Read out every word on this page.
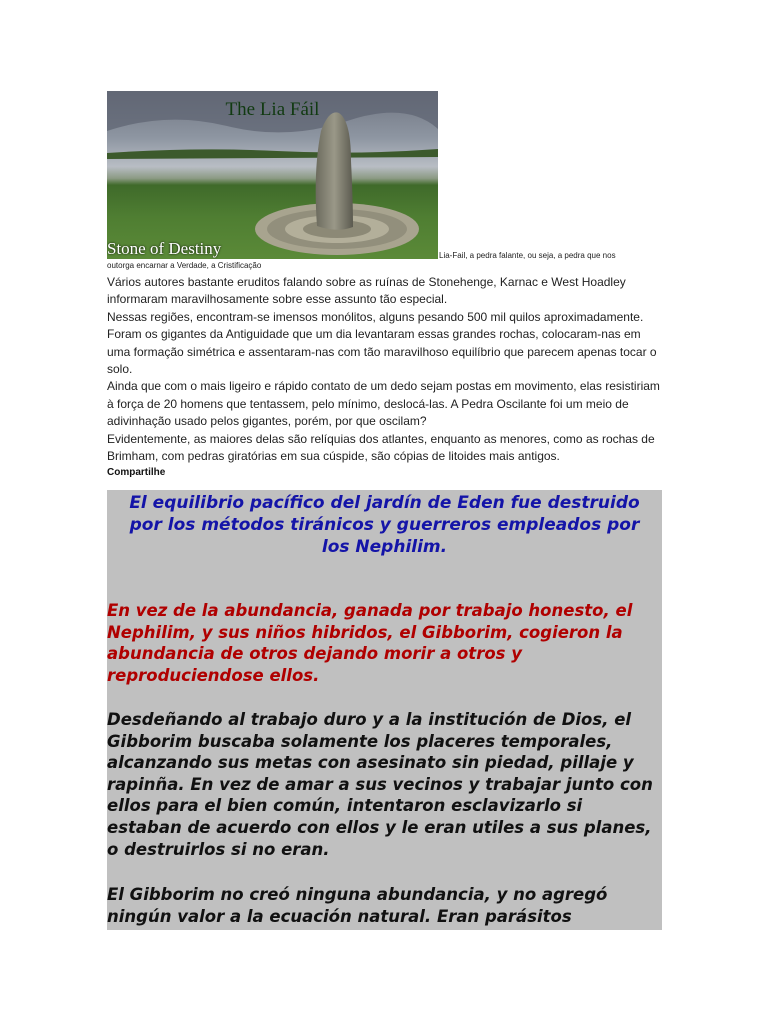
The Lia Fáil
Stone of Destiny	Lia-Fail, a pedra falante, ou seja, a pedra que nos
outorga encarnar a Verdade, a Cristificação

Vários autores bastante eruditos falando sobre as ruínas de Stonehenge, Karnac e West Hoadley informaram maravilhosamente sobre esse assunto tão especial.

Nessas regiões, encontram-se imensos monólitos, alguns pesando 500 mil quilos aproximadamente.

Foram os gigantes da Antiguidade que um dia levantaram essas grandes rochas, colocaram-nas em uma formação simétrica e assentaram-nas com tão maravilhoso equilíbrio que parecem apenas tocar o solo.

Ainda que com o mais ligeiro e rápido contato de um dedo sejam postas em movimento, elas resistiriam à força de 20 homens que tentassem, pelo mínimo, deslocá-las. A Pedra Oscilante foi um meio de adivinhação usado pelos gigantes, porém, por que oscilam?

Evidentemente, as maiores delas são relíquias dos atlantes, enquanto as menores, como as rochas de Brimham, com pedras giratórias em sua cúspide, são cópias de litoides mais antigos.

Compartilhe

El equilibrio pacífico del jardín de Eden fue destruido por los métodos tiránicos y guerreros empleados por los Nephilim.

En vez de la abundancia, ganada por trabajo honesto, el Nephilim, y sus niños hibridos, el Gibborim, cogieron la abundancia de otros dejando morir a otros y reproduciendose ellos.

Desdeñando al trabajo duro y a la institución de Dios, el Gibborim buscaba solamente los placeres temporales, alcanzando sus metas con asesinato sin piedad, pillaje y rapinña. En vez de amar a sus vecinos y trabajar junto con ellos para el bien común, intentaron esclavizarlo si estaban de acuerdo con ellos y le eran utiles a sus planes, o destruirlos si no eran.

El Gibborim no creó ninguna abundancia, y no agregó ningún valor a la ecuación natural. Eran parásitos
